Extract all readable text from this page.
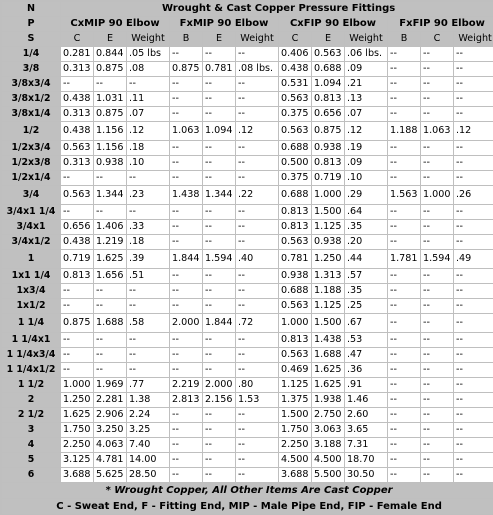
N	Wrought & Cast Copper Pressure Fittings											
P	CxMIP 90 Elbow			FxMIP 90 Elbow			CxFIP 90 Elbow			FxFIP 90 Elbow		
S	C	E	Weight	B	E	Weight	C	E	Weight	B	C	Weight
1/4	0.281	0.844	.05 lbs	--	--	--	0.406	0.563	.06 lbs.	--	--	--
3/8	0.313	0.875	.08	0.875	0.781	.08 lbs.	0.438	0.688	.09	--	--	--
3/8x3/4	--	--	--	--	--	--	0.531	1.094	.21	--	--	--
3/8x1/2	0.438	1.031	.11	--	--	--	0.563	0.813	.13	--	--	--
3/8x1/4	0.313	0.875	.07	--	--	--	0.375	0.656	.07	--	--	--
1/2	0.438	1.156	.12	1.063	1.094	.12	0.563	0.875	.12	1.188	1.063	.12
1/2x3/4	0.563	1.156	.18	--	--	--	0.688	0.938	.19	--	--	--
1/2x3/8	0.313	0.938	.10	--	--	--	0.500	0.813	.09	--	--	--
1/2x1/4	--	--	--	--	--	--	0.375	0.719	.10	--	--	--
3/4	0.563	1.344	.23	1.438	1.344	.22	0.688	1.000	.29	1.563	1.000	.26
3/4x1 1/4	--	--	--	--	--	--	0.813	1.500	.64	--	--	--
3/4x1	0.656	1.406	.33	--	--	--	0.813	1.125	.35	--	--	--
3/4x1/2	0.438	1.219	.18	--	--	--	0.563	0.938	.20	--	--	--
1	0.719	1.625	.39	1.844	1.594	.40	0.781	1.250	.44	1.781	1.594	.49
1x1 1/4	0.813	1.656	.51	--	--	--	0.938	1.313	.57	--	--	--
1x3/4	--	--	--	--	--	--	0.688	1.188	.35	--	--	--
1x1/2	--	--	--	--	--	--	0.563	1.125	.25	--	--	--
1 1/4	0.875	1.688	.58	2.000	1.844	.72	1.000	1.500	.67	--	--	--
1 1/4x1	--	--	--	--	--	--	0.813	1.438	.53	--	--	--
1 1/4x3/4	--	--	--	--	--	--	0.563	1.688	.47	--	--	--
1 1/4x1/2	--	--	--	--	--	--	0.469	1.625	.36	--	--	--
1 1/2	1.000	1.969	.77	2.219	2.000	.80	1.125	1.625	.91	--	--	--
2	1.250	2.281	1.38	2.813	2.156	1.53	1.375	1.938	1.46	--	--	--
2 1/2	1.625	2.906	2.24	--	--	--	1.500	2.750	2.60	--	--	--
3	1.750	3.250	3.25	--	--	--	1.750	3.063	3.65	--	--	--
4	2.250	4.063	7.40	--	--	--	2.250	3.188	7.31	--	--	--
5	3.125	4.781	14.00	--	--	--	4.500	4.500	18.70	--	--	--
6	3.688	5.625	28.50	--	--	--	3.688	5.500	30.50	--	--	--
* Wrought Copper, All Other Items Are Cast Copper												
C - Sweat End, F - Fitting End, MIP - Male Pipe End, FIP - Female End												
